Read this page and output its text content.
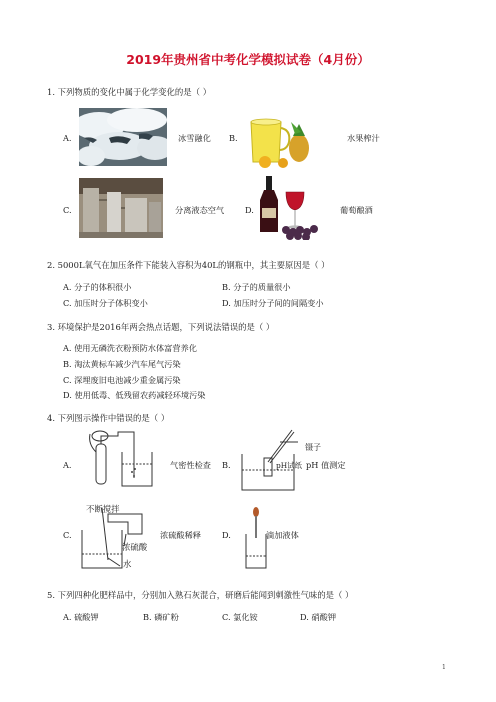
2019年贵州省中考化学模拟试卷（4月份）
1. 下列物质的变化中属于化学变化的是（ ）
A.	冰雪融化 B.	水果榨汁
C.	分离液态空气	D.	葡萄酿酒
2. 5000L氧气在加压条件下能装入容积为40L的钢瓶中，其主要原因是（ ）
A. 分子的体积很小	B. 分子的质量很小
C. 加压时分子体积变小	D. 加压时分子间的间隔变小
3. 环境保护是2016年两会热点话题，下列说法错误的是（ ）
A. 使用无磷洗衣粉预防水体富营养化
B. 淘汰黄标车减少汽车尾气污染
C. 深埋废旧电池减少重金属污染
D. 使用低毒、低残留农药减轻环境污染
4. 下列图示操作中错误的是（ ）
A.	气密性检查 B.
镊子
pH试纸 pH 值测定
C.
不断搅拌
浓硫酸
水
浓硫酸稀释	D.	滴加液体
5. 下列四种化肥样品中，分别加入熟石灰混合，研磨后能闻到刺激性气味的是（ ）
A. 硫酸钾	B. 磷矿粉	C. 氯化铵	D. 硝酸钾
1
